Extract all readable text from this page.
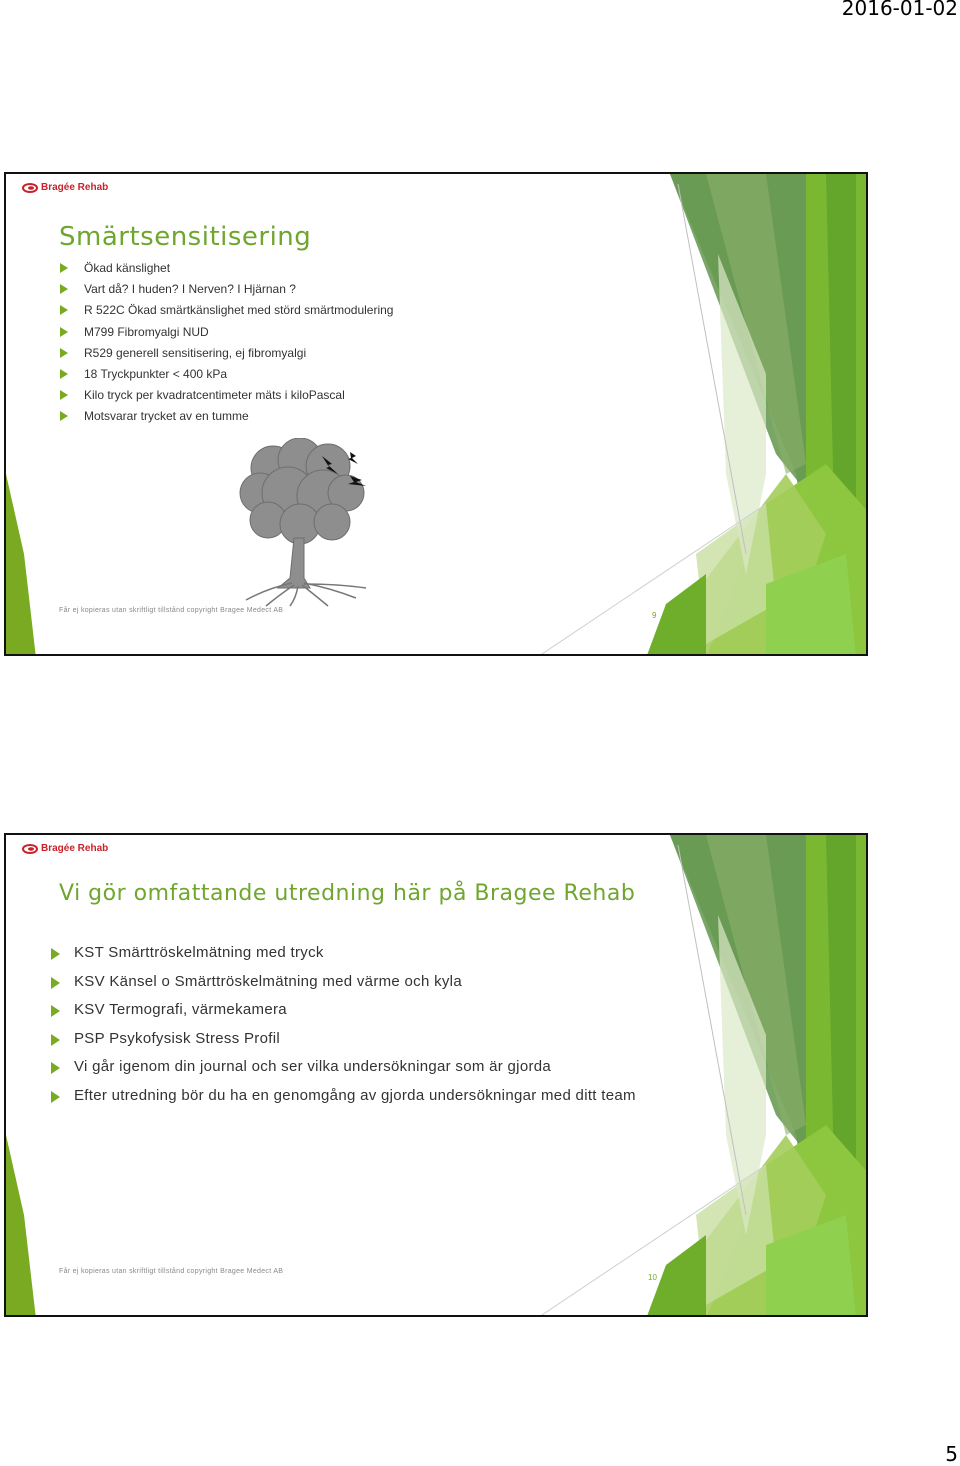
2016-01-02
Bragée Rehab
Smärtsensitisering
Ökad känslighet
Vart då? I huden? I Nerven? I Hjärnan ?
R 522C Ökad smärtkänslighet med störd smärtmodulering
M799 Fibromyalgi NUD
R529 generell sensitisering, ej fibromyalgi
18 Tryckpunkter < 400 kPa
Kilo tryck per kvadratcentimeter mäts i kiloPascal
Motsvarar trycket av en tumme
Får ej kopieras utan skriftligt tillstånd copyright Bragee Medect AB
9
Bragée Rehab
Vi gör omfattande utredning här på Bragee Rehab
KST Smärttröskelmätning med tryck
KSV Känsel o Smärttröskelmätning med värme och kyla
KSV Termografi, värmekamera
PSP Psykofysisk Stress Profil
Vi går igenom din journal och ser vilka undersökningar som är gjorda
Efter utredning bör du ha en genomgång av gjorda undersökningar med ditt team
Får ej kopieras utan skriftligt tillstånd copyright Bragee Medect AB
10
5
